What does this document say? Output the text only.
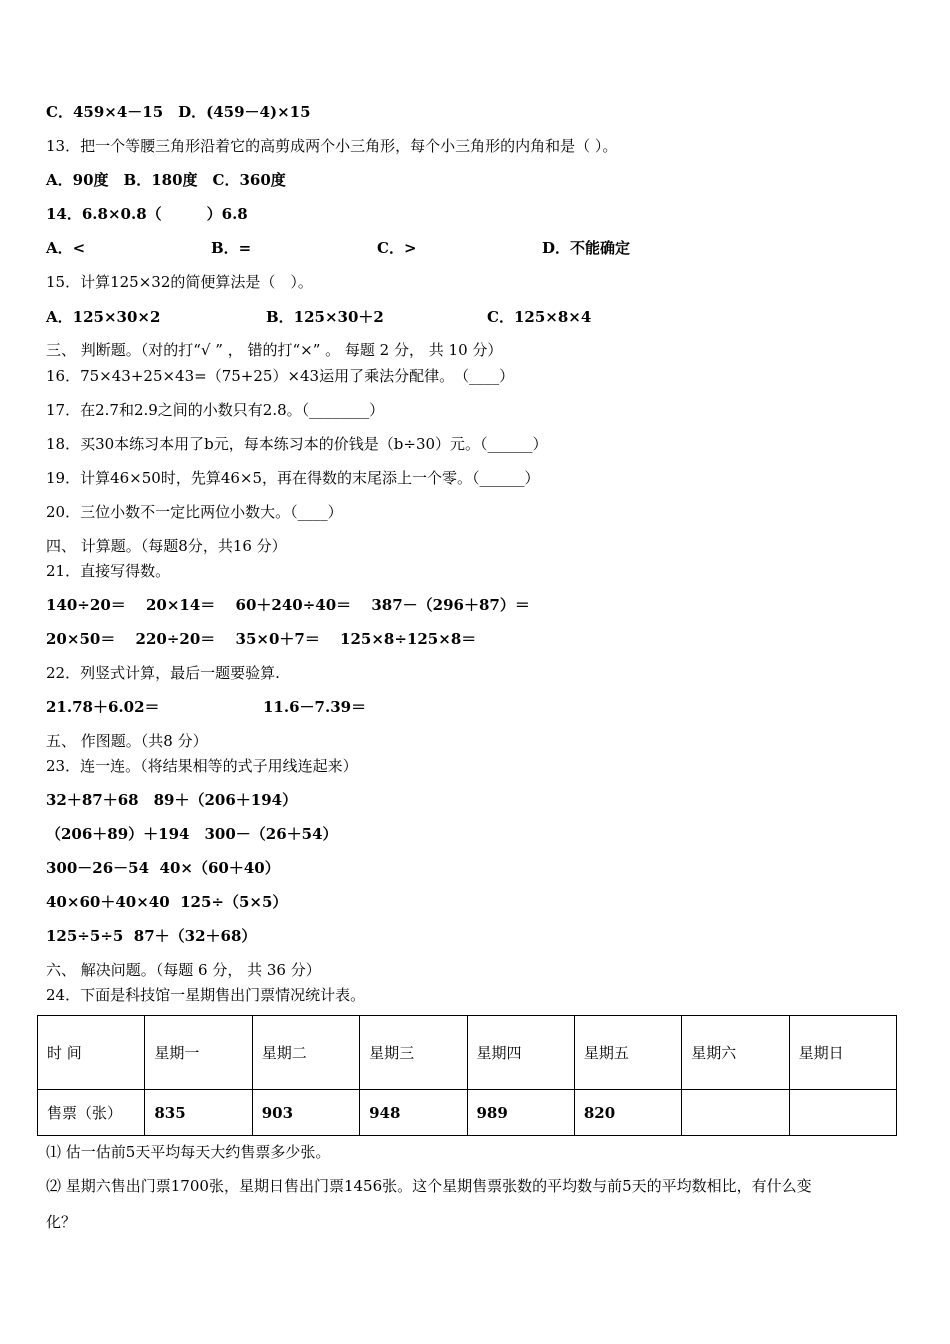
C．459×4－15　D．(459－4)×15
13．把一个等腰三角形沿着它的高剪成两个小三角形，每个小三角形的内角和是（ ）。
A．90度　B．180度　C．360度
14．6.8×0.8（　　　）6.8
A．<	B．=	C．>	D．不能确定
15．计算125×32的简便算法是（　）。
A．125×30×2	B．125×30＋2	C．125×8×4
三、 判断题。（对的打“√ ” ， 错的打“×” 。 每题 2 分， 共 10 分）
16．75×43+25×43=（75+25）×43运用了乘法分配律。　（____）
17．在2.7和2.9之间的小数只有2.8。（________）
18．买30本练习本用了b元，每本练习本的价钱是（b÷30）元。（______）
19．计算46×50时，先算46×5，再在得数的末尾添上一个零。（______）
20．三位小数不一定比两位小数大。（____）
四、 计算题。（每题8分，共16 分）
21．直接写得数。
140÷20＝　 20×14＝　 60＋240÷40＝　 387－（296＋87）＝
20×50＝　 220÷20＝　 35×0＋7＝　 125×8÷125×8＝
22．列竖式计算，最后一题要验算.
21.78＋6.02＝	11.6－7.39＝
五、 作图题。（共8 分）
23．连一连。（将结果相等的式子用线连起来）
32＋87＋68　89＋（206＋194）
（206＋89）＋194　300－（26＋54）
300－26－54  40×（60＋40）
40×60＋40×40  125÷（5×5）
125÷5÷5  87＋（32＋68）
六、 解决问题。（每题 6 分， 共 36 分）
24．下面是科技馆一星期售出门票情况统计表。
时 间	星期一	星期二	星期三	星期四	星期五	星期六	星期日
售票（张）	835	903	948	989	820		
⑴ 估一估前5天平均每天大约售票多少张。
⑵ 星期六售出门票1700张，星期日售出门票1456张。这个星期售票张数的平均数与前5天的平均数相比，有什么变
化？
